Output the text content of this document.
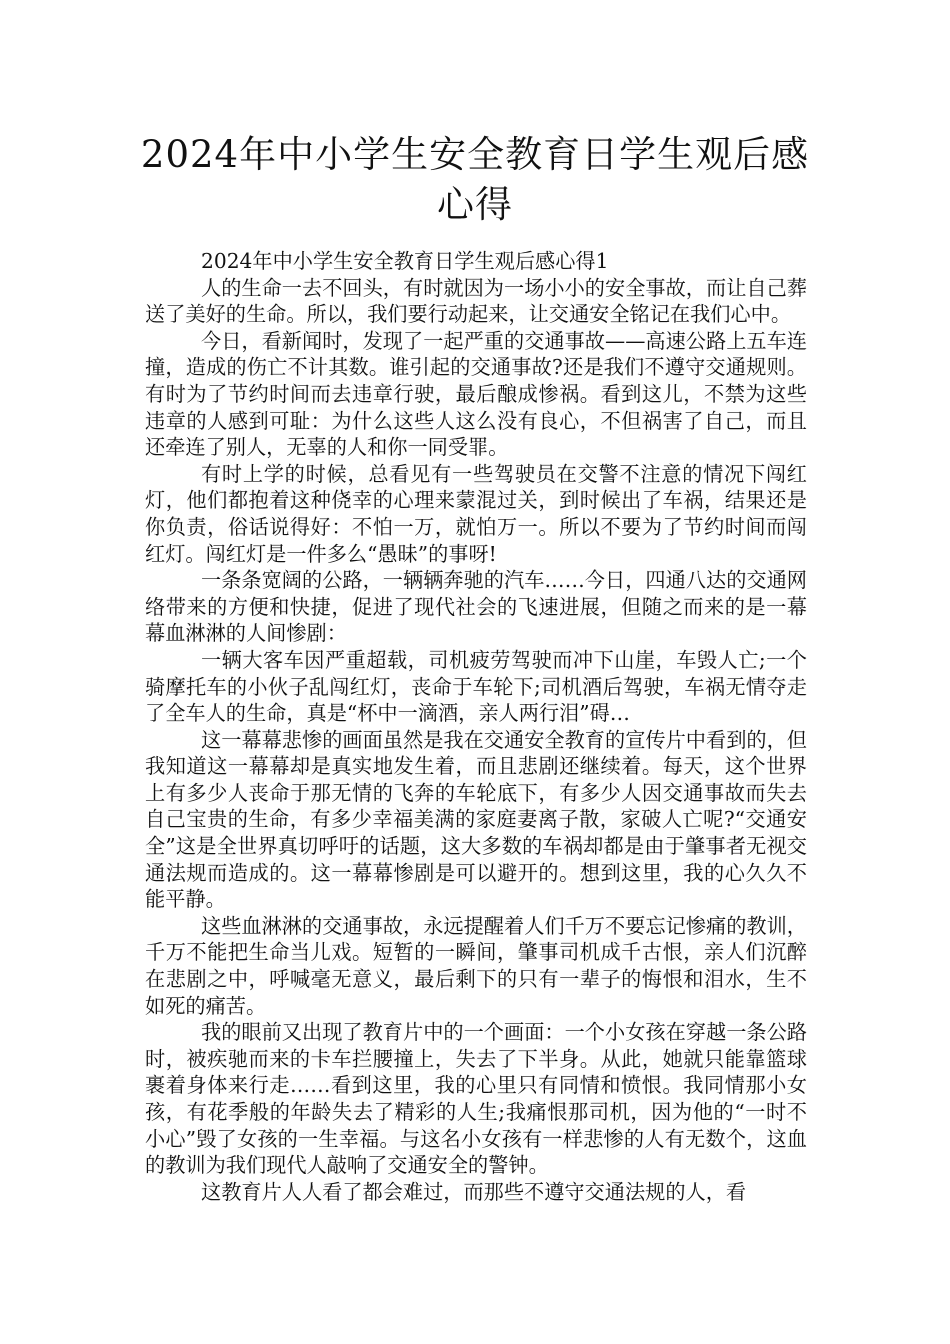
2024年中小学生安全教育日学生观后感心得

2024年中小学生安全教育日学生观后感心得1

人的生命一去不回头，有时就因为一场小小的安全事故，而让自己葬送了美好的生命。所以，我们要行动起来，让交通安全铭记在我们心中。

今日，看新闻时，发现了一起严重的交通事故——高速公路上五车连撞，造成的伤亡不计其数。谁引起的交通事故?还是我们不遵守交通规则。有时为了节约时间而去违章行驶，最后酿成惨祸。看到这儿，不禁为这些违章的人感到可耻：为什么这些人这么没有良心，不但祸害了自己，而且还牵连了别人，无辜的人和你一同受罪。

有时上学的时候，总看见有一些驾驶员在交警不注意的情况下闯红灯，他们都抱着这种侥幸的心理来蒙混过关，到时候出了车祸，结果还是你负责，俗话说得好：不怕一万，就怕万一。所以不要为了节约时间而闯红灯。闯红灯是一件多么“愚昧”的事呀!

一条条宽阔的公路，一辆辆奔驰的汽车……今日，四通八达的交通网络带来的方便和快捷，促进了现代社会的飞速进展，但随之而来的是一幕幕血淋淋的人间惨剧：

一辆大客车因严重超载，司机疲劳驾驶而冲下山崖，车毁人亡;一个骑摩托车的小伙子乱闯红灯，丧命于车轮下;司机酒后驾驶，车祸无情夺走了全车人的生命，真是“杯中一滴酒，亲人两行泪”碍…

这一幕幕悲惨的画面虽然是我在交通安全教育的宣传片中看到的，但我知道这一幕幕却是真实地发生着，而且悲剧还继续着。每天，这个世界上有多少人丧命于那无情的飞奔的车轮底下，有多少人因交通事故而失去自己宝贵的生命，有多少幸福美满的家庭妻离子散，家破人亡呢?“交通安全”这是全世界真切呼吁的话题，这大多数的车祸却都是由于肇事者无视交通法规而造成的。这一幕幕惨剧是可以避开的。想到这里，我的心久久不能平静。

这些血淋淋的交通事故，永远提醒着人们千万不要忘记惨痛的教训，千万不能把生命当儿戏。短暂的一瞬间，肇事司机成千古恨，亲人们沉醉在悲剧之中，呼喊毫无意义，最后剩下的只有一辈子的悔恨和泪水，生不如死的痛苦。

我的眼前又出现了教育片中的一个画面：一个小女孩在穿越一条公路时，被疾驰而来的卡车拦腰撞上，失去了下半身。从此，她就只能靠篮球裹着身体来行走……看到这里，我的心里只有同情和愤恨。我同情那小女孩，有花季般的年龄失去了精彩的人生;我痛恨那司机，因为他的“一时不小心”毁了女孩的一生幸福。与这名小女孩有一样悲惨的人有无数个，这血的教训为我们现代人敲响了交通安全的警钟。

这教育片人人看了都会难过，而那些不遵守交通法规的人，看
